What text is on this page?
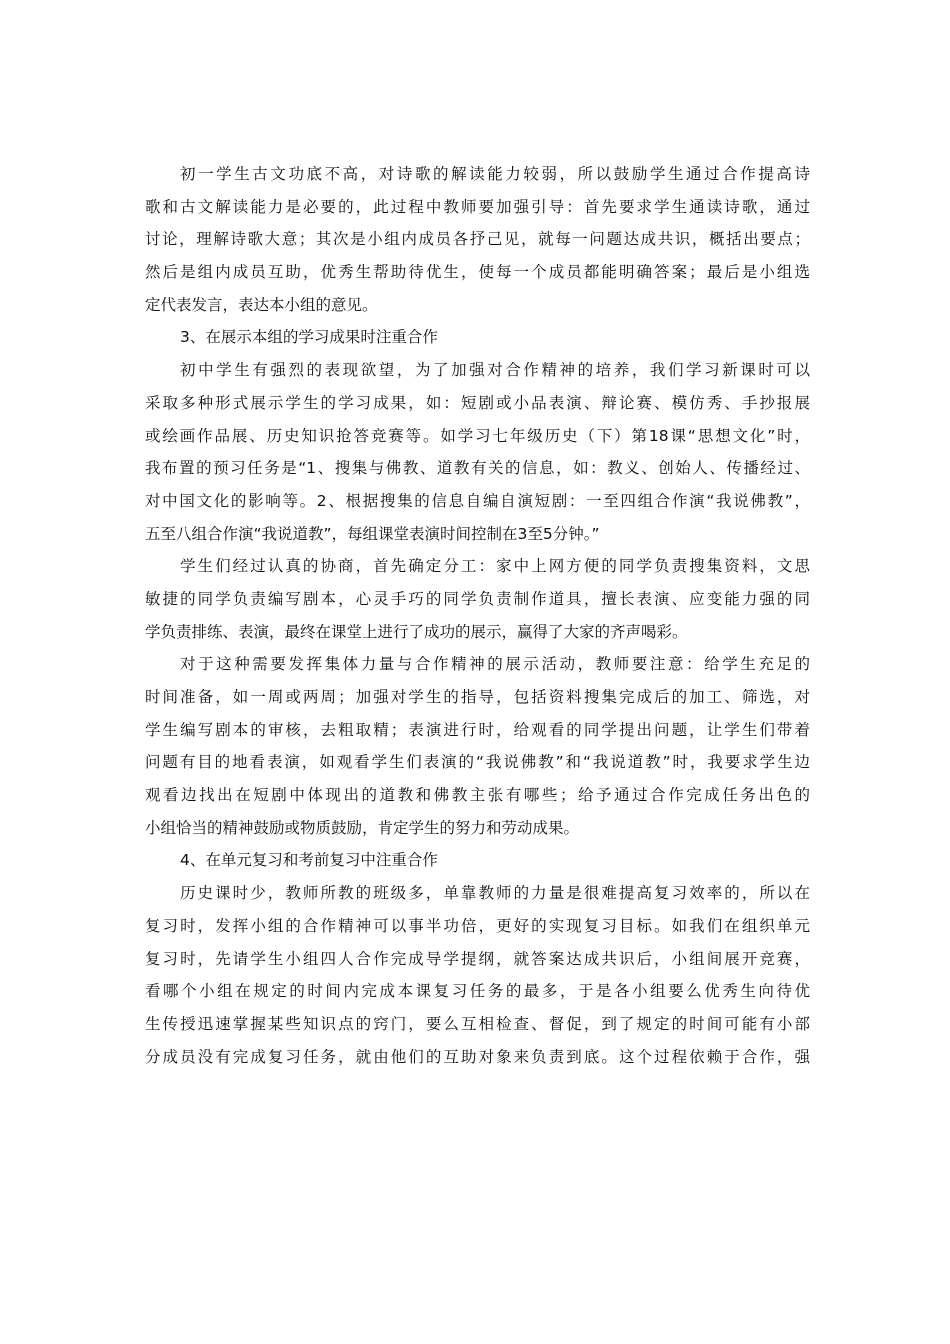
初一学生古文功底不高，对诗歌的解读能力较弱，所以鼓励学生通过合作提高诗
歌和古文解读能力是必要的，此过程中教师要加强引导：首先要求学生通读诗歌，通过
讨论，理解诗歌大意；其次是小组内成员各抒己见，就每一问题达成共识，概括出要点；
然后是组内成员互助，优秀生帮助待优生，使每一个成员都能明确答案；最后是小组选
定代表发言，表达本小组的意见。
3、在展示本组的学习成果时注重合作
初中学生有强烈的表现欲望，为了加强对合作精神的培养，我们学习新课时可以
采取多种形式展示学生的学习成果，如：短剧或小品表演、辩论赛、模仿秀、手抄报展
或绘画作品展、历史知识抢答竞赛等。如学习七年级历史（下）第18课“思想文化”时，
我布置的预习任务是“1、搜集与佛教、道教有关的信息，如：教义、创始人、传播经过、
对中国文化的影响等。2、根据搜集的信息自编自演短剧：一至四组合作演“我说佛教”，
五至八组合作演“我说道教”，每组课堂表演时间控制在3至5分钟。”
学生们经过认真的协商，首先确定分工：家中上网方便的同学负责搜集资料，文思
敏捷的同学负责编写剧本，心灵手巧的同学负责制作道具，擅长表演、应变能力强的同
学负责排练、表演，最终在课堂上进行了成功的展示，赢得了大家的齐声喝彩。
对于这种需要发挥集体力量与合作精神的展示活动，教师要注意：给学生充足的
时间准备，如一周或两周；加强对学生的指导，包括资料搜集完成后的加工、筛选，对
学生编写剧本的审核，去粗取精；表演进行时，给观看的同学提出问题，让学生们带着
问题有目的地看表演，如观看学生们表演的“我说佛教”和“我说道教”时，我要求学生边
观看边找出在短剧中体现出的道教和佛教主张有哪些；给予通过合作完成任务出色的
小组恰当的精神鼓励或物质鼓励，肯定学生的努力和劳动成果。
4、在单元复习和考前复习中注重合作
历史课时少，教师所教的班级多，单靠教师的力量是很难提高复习效率的，所以在
复习时，发挥小组的合作精神可以事半功倍，更好的实现复习目标。如我们在组织单元
复习时，先请学生小组四人合作完成导学提纲，就答案达成共识后，小组间展开竞赛，
看哪个小组在规定的时间内完成本课复习任务的最多，于是各小组要么优秀生向待优
生传授迅速掌握某些知识点的窍门，要么互相检查、督促，到了规定的时间可能有小部
分成员没有完成复习任务，就由他们的互助对象来负责到底。这个过程依赖于合作，强
